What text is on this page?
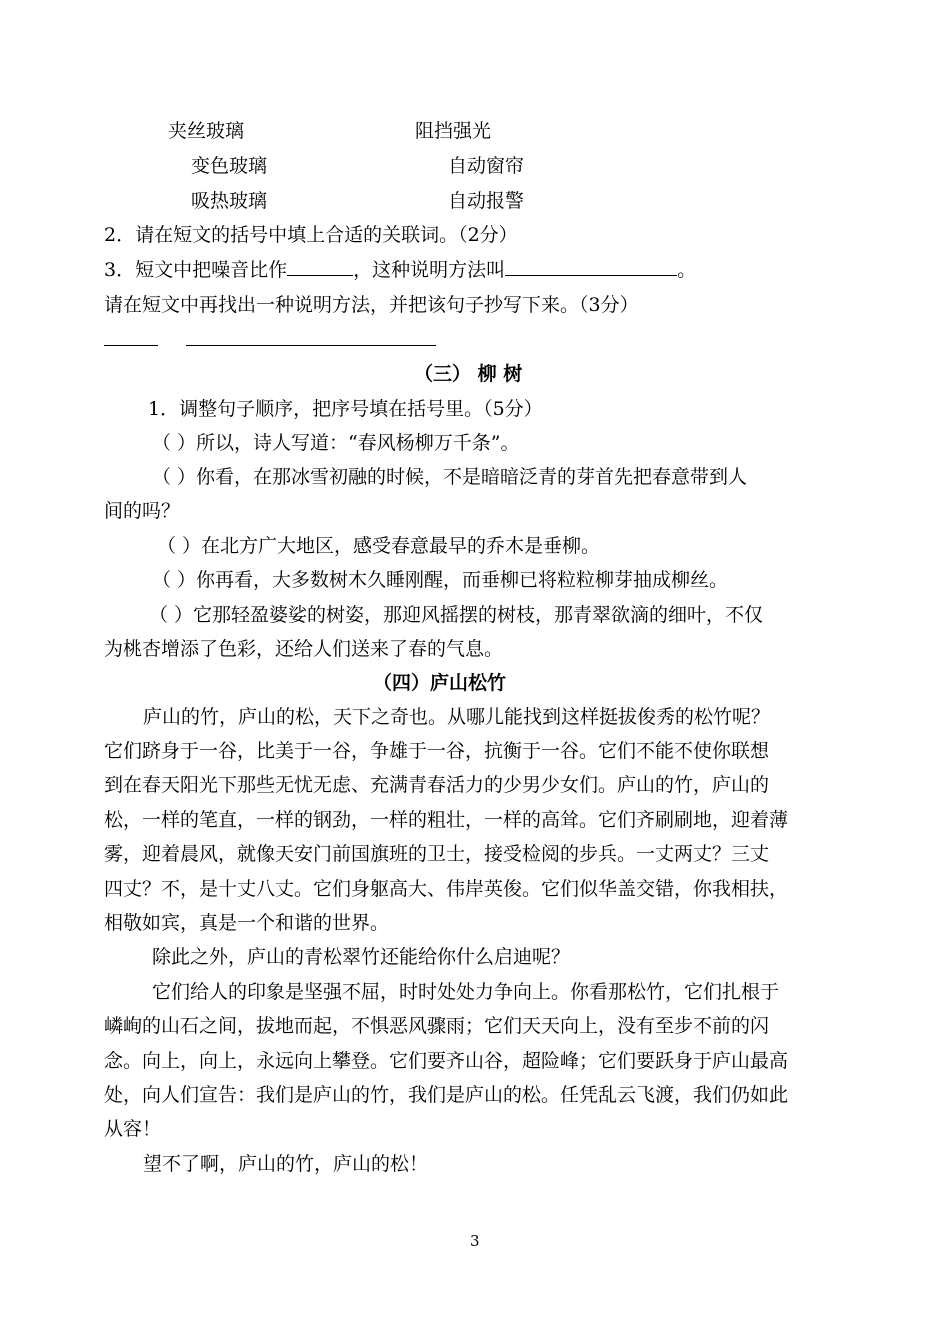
夹丝玻璃	阻挡强光
变色玻璃	自动窗帘
吸热玻璃	自动报警
2．请在短文的括号中填上合适的关联词。（2分）
3．短文中把噪音比作	，这种说明方法叫	。
请在短文中再找出一种说明方法，并把该句子抄写下来。（3分）
（三） 柳 树
1．调整句子顺序，把序号填在括号里。（5分）
（ ）所以，诗人写道：“春风杨柳万千条”。
（ ）你看，在那冰雪初融的时候，不是暗暗泛青的芽首先把春意带到人
间的吗？
（ ）在北方广大地区，感受春意最早的乔木是垂柳。
（ ）你再看，大多数树木久睡刚醒，而垂柳已将粒粒柳芽抽成柳丝。
（ ）它那轻盈婆娑的树姿，那迎风摇摆的树枝，那青翠欲滴的细叶，不仅
为桃杏增添了色彩，还给人们送来了春的气息。
（四）庐山松竹
庐山的竹，庐山的松，天下之奇也。从哪儿能找到这样挺拔俊秀的松竹呢？
它们跻身于一谷，比美于一谷，争雄于一谷，抗衡于一谷。它们不能不使你联想
到在春天阳光下那些无忧无虑、充满青春活力的少男少女们。庐山的竹，庐山的
松，一样的笔直，一样的钢劲，一样的粗壮，一样的高耸。它们齐刷刷地，迎着薄
雾，迎着晨风，就像天安门前国旗班的卫士，接受检阅的步兵。一丈两丈？三丈
四丈？不，是十丈八丈。它们身躯高大、伟岸英俊。它们似华盖交错，你我相扶，
相敬如宾，真是一个和谐的世界。
除此之外，庐山的青松翠竹还能给你什么启迪呢？
它们给人的印象是坚强不屈，时时处处力争向上。你看那松竹，它们扎根于
嶙峋的山石之间，拔地而起，不惧恶风骤雨；它们天天向上，没有至步不前的闪
念。向上，向上，永远向上攀登。它们要齐山谷，超险峰；它们要跃身于庐山最高
处，向人们宣告：我们是庐山的竹，我们是庐山的松。任凭乱云飞渡，我们仍如此
从容！
望不了啊，庐山的竹，庐山的松！
3
